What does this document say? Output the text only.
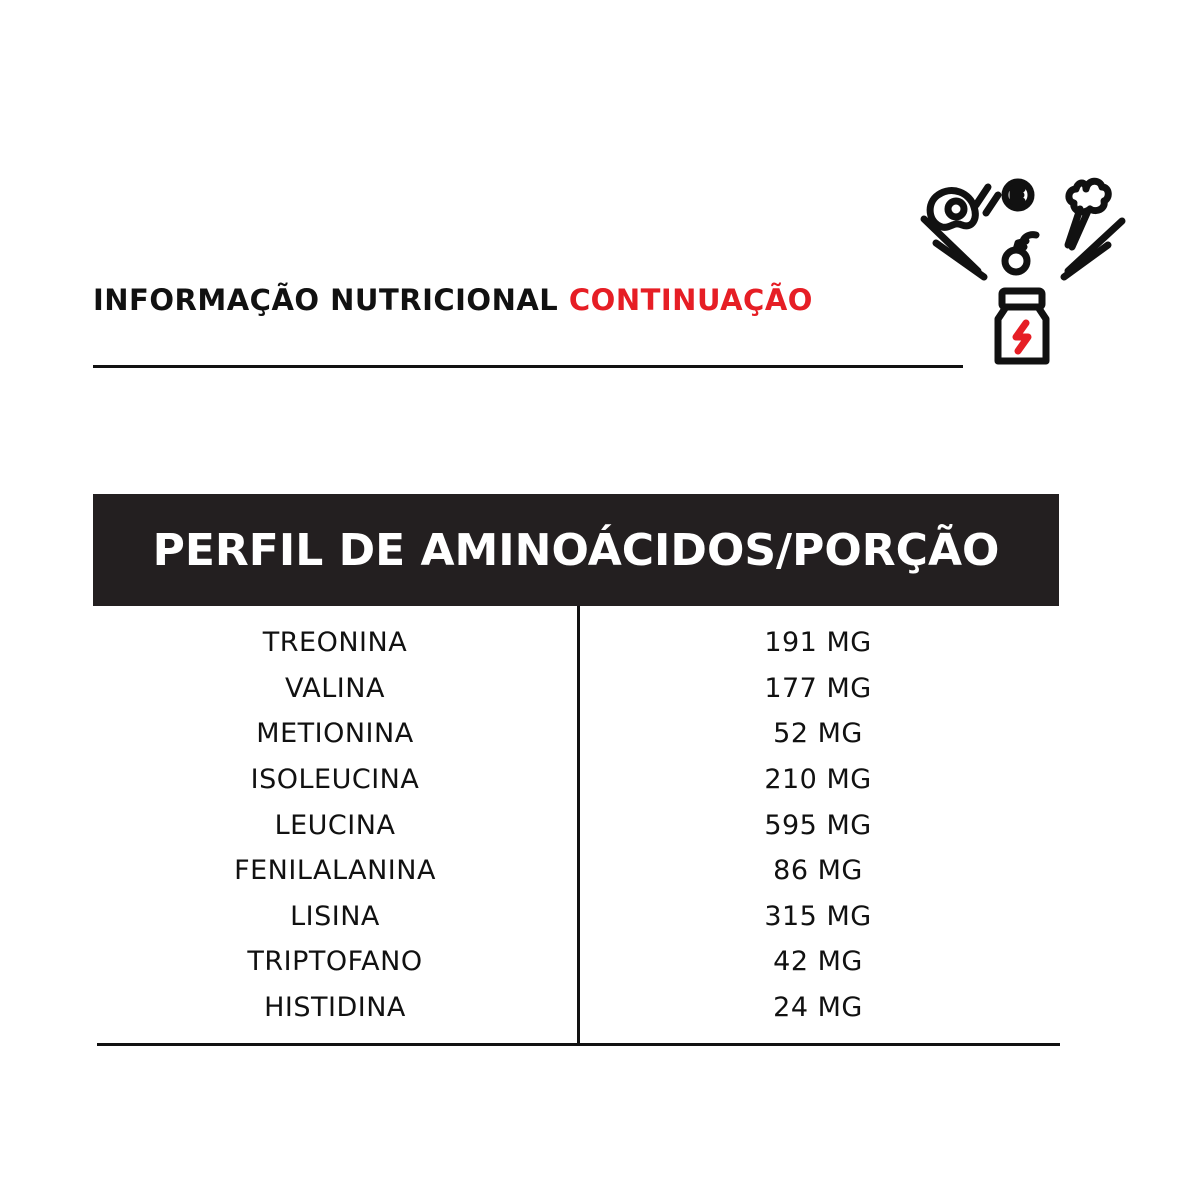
INFORMAÇÃO NUTRICIONAL CONTINUAÇÃO
PERFIL DE AMINOÁCIDOS/PORÇÃO
TREONINA	191 MG
VALINA	177 MG
METIONINA	52 MG
ISOLEUCINA	210 MG
LEUCINA	595 MG
FENILALANINA	86 MG
LISINA	315 MG
TRIPTOFANO	42 MG
HISTIDINA	24 MG
